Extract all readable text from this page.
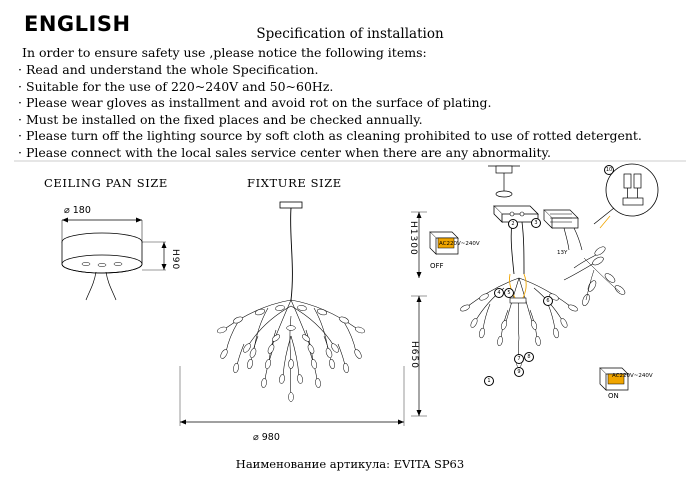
ENGLISH	Specification of installation
In order to ensure safety use ,please notice the following items:
· Read and understand the whole Specification.
· Suitable for the use of 220~240V and 50~60Hz.
· Please wear gloves as installment and avoid rot on the surface of plating.
· Must be installed on the fixed places and be checked annually.
· Please turn off the lighting source by soft cloth as cleaning prohibited to use of rotted detergent.
· Please connect with the local sales service center when there are any abnormality.
CEILING PAN SIZE	FIXTURE SIZE
⌀ 180
H90
⌀ 980
H1300
H650
1
2	3
4	5
6
7	8
9
10
OFF
ON
13Y
AC220V~240V
AC220V~240V
Наименование артикула: EVITA SP63
